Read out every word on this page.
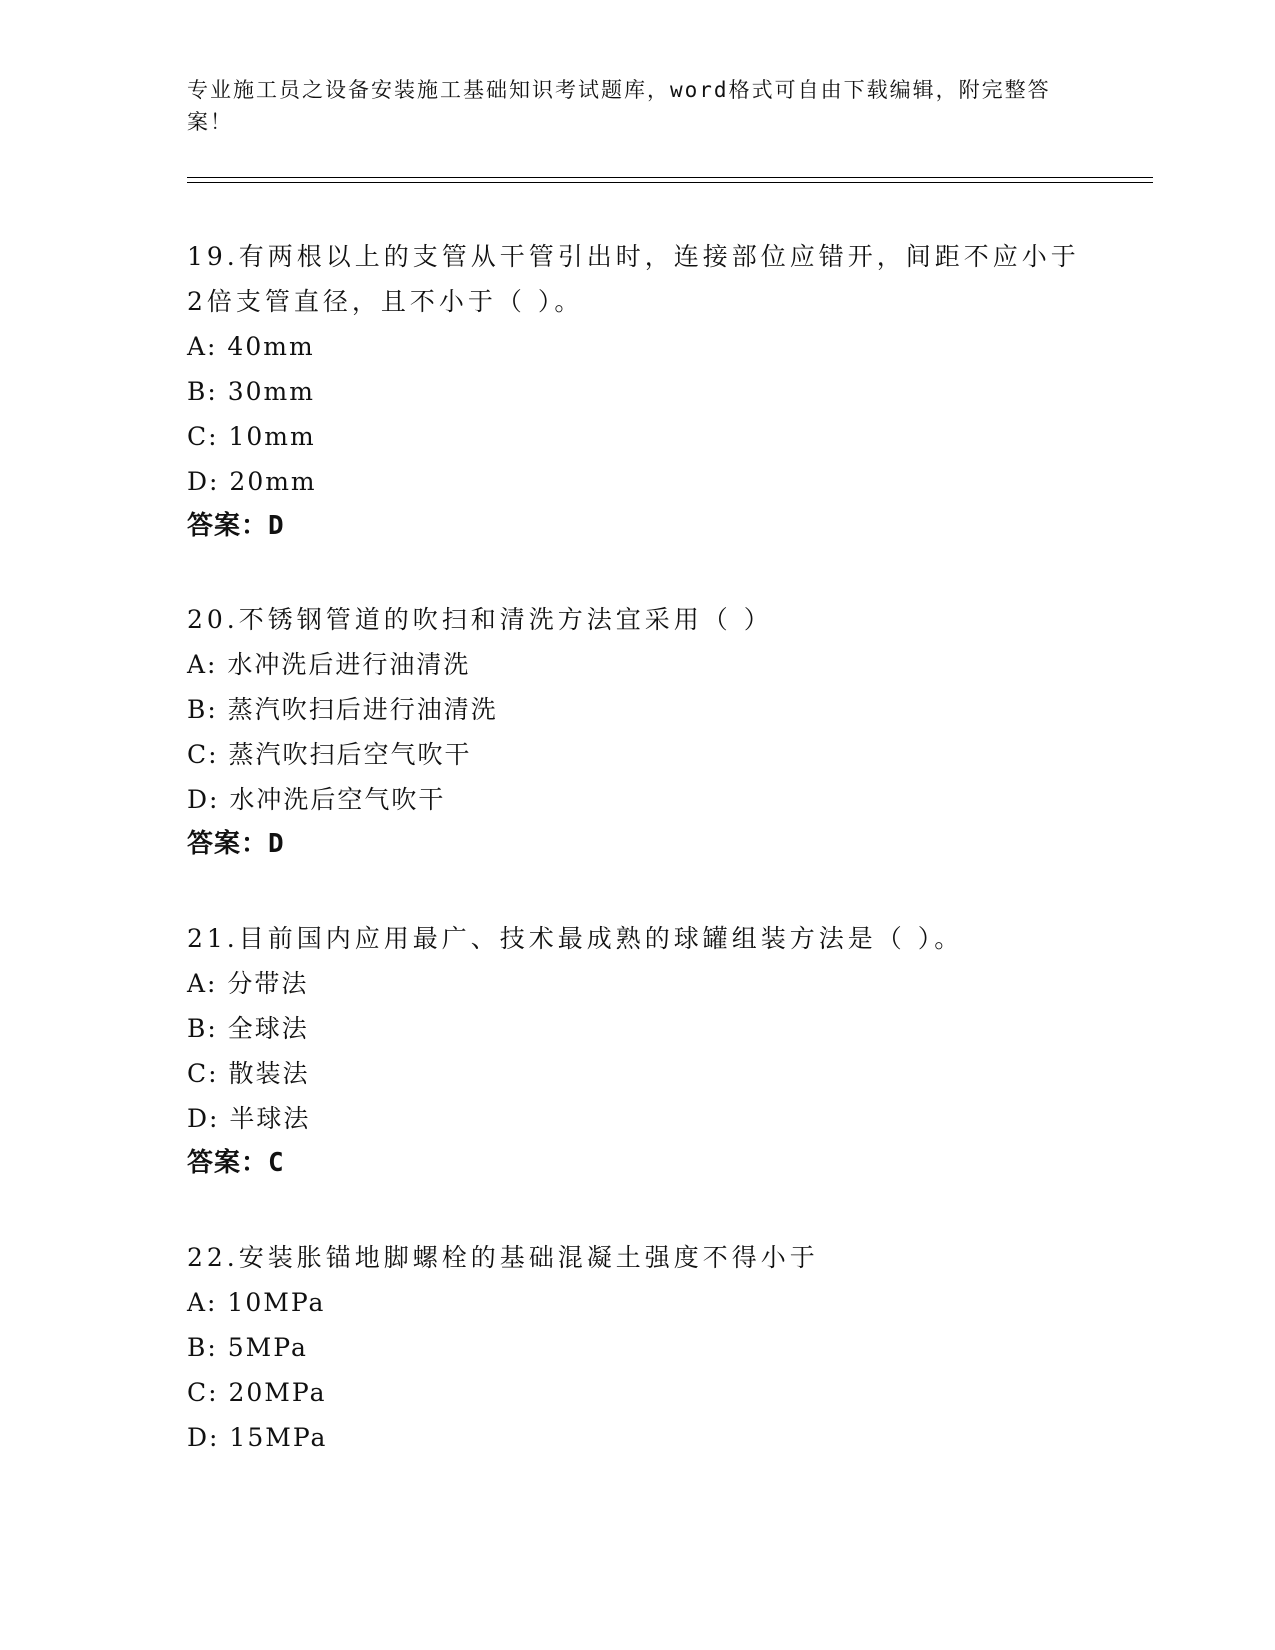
专业施工员之设备安装施工基础知识考试题库，word格式可自由下载编辑，附完整答案！
19.有两根以上的支管从干管引出时，连接部位应错开，间距不应小于2倍支管直径，且不小于（ ）。
A: 40mm
B: 30mm
C: 10mm
D: 20mm
答案：D
20.不锈钢管道的吹扫和清洗方法宜采用（ ）
A: 水冲洗后进行油清洗
B: 蒸汽吹扫后进行油清洗
C: 蒸汽吹扫后空气吹干
D: 水冲洗后空气吹干
答案：D
21.目前国内应用最广、技术最成熟的球罐组装方法是（ ）。
A: 分带法
B: 全球法
C: 散装法
D: 半球法
答案：C
22.安装胀锚地脚螺栓的基础混凝土强度不得小于
A: 10MPa
B: 5MPa
C: 20MPa
D: 15MPa
